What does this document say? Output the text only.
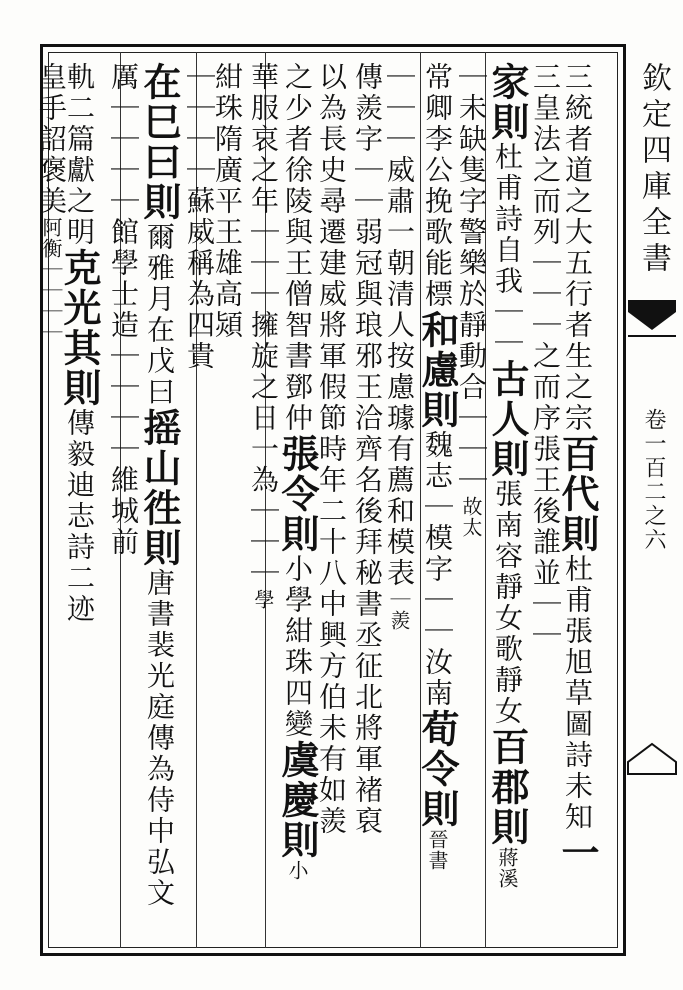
欽定四庫全書
卷一百二之六
三統者道之大五行者生之宗百代則杜甫張旭草圖詩未知一
三皇法之而列｜｜｜之而序張王後誰並｜｜
家則杜甫詩自我｜｜古人則張南容靜女歌靜女百郡則蔣溪
｜未缺隻字警樂於靜動合｜｜｜故太
常卿李公挽歌能標和慮則魏志｜模字｜｜汝南荀令則晉書
｜｜｜威肅一朝清人按慮璩有薦和模表｜羨
傳羨字｜｜弱冠與琅邪王洽齊名後拜秘書丞征北將軍褚裒
以為長史尋遷建威將軍假節時年二十八中興方伯未有如羨
之少者徐陵與王僧智書鄧仲張令則小學紺珠四變虞慶則小
華服哀之年｜｜｜擁旋之日一為｜｜｜學
紺珠隋廣平王雄高熲
｜｜｜｜蘇威稱為四貴
在巳曰則爾雅月在戊曰摇山徃則唐書裴光庭傳為侍中弘文
厲｜｜｜｜館學士造｜｜｜｜維城前
軌二篇獻之明克光其則傳毅迪志詩二迹
皇手詔褒美阿衡｜｜｜｜
